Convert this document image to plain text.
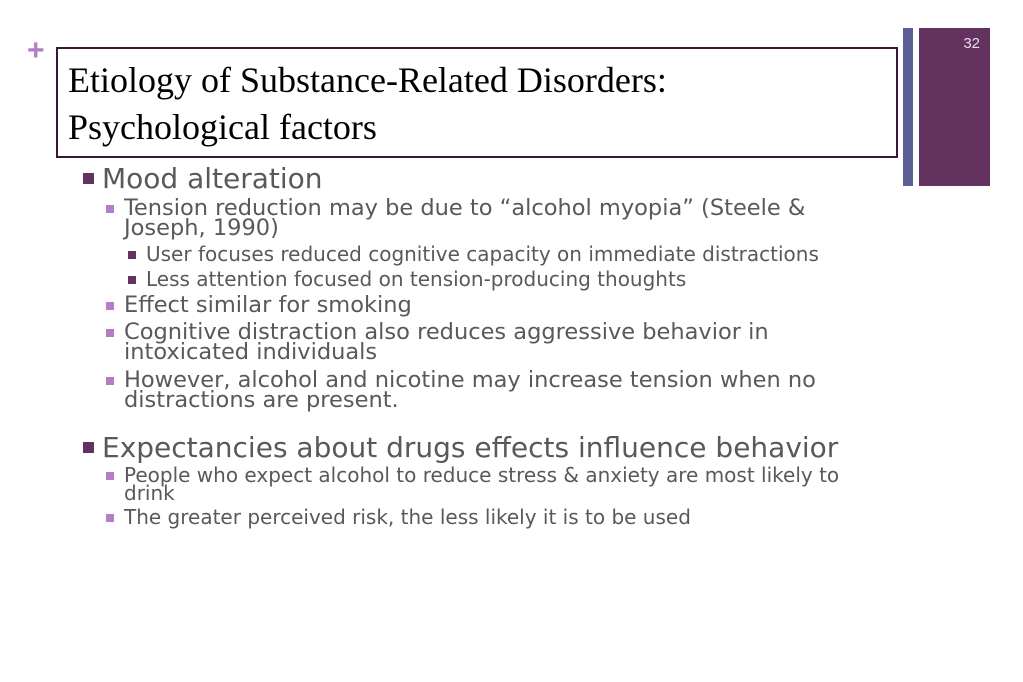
+	32
Etiology of Substance-Related Disorders:
Psychological factors
Mood alteration
Tension reduction may be due to “alcohol myopia” (Steele &
Joseph, 1990)
User focuses reduced cognitive capacity on immediate distractions
Less attention focused on tension-producing thoughts
Effect similar for smoking
Cognitive distraction also reduces aggressive behavior in
intoxicated individuals
However, alcohol and nicotine may increase tension when no
distractions are present.
Expectancies about drugs effects influence behavior
People who expect alcohol to reduce stress & anxiety are most likely to
drink
The greater perceived risk, the less likely it is to be used
